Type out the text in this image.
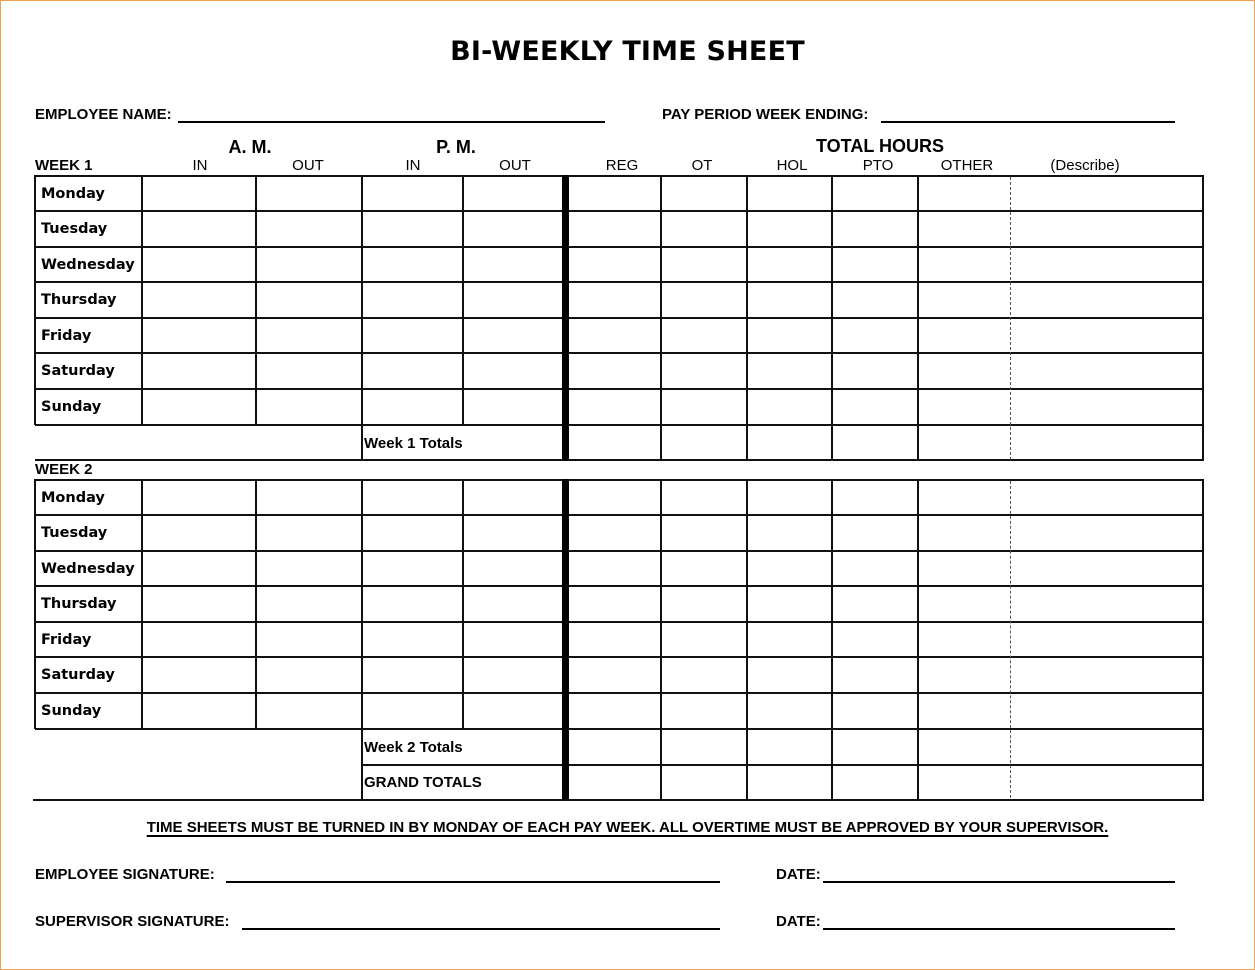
BI-WEEKLY TIME SHEET
EMPLOYEE NAME:	PAY PERIOD WEEK ENDING:
A. M.	P. M.	TOTAL HOURS
WEEK 1	IN	OUT	IN	OUT	REG	OT	HOL	PTO	OTHER	(Describe)
Monday
Tuesday
Wednesday
Thursday
Friday
Saturday
Sunday
Week 1 Totals
WEEK 2
Monday
Tuesday
Wednesday
Thursday
Friday
Saturday
Sunday
Week 2 Totals
GRAND TOTALS
TIME SHEETS MUST BE TURNED IN BY MONDAY OF EACH PAY WEEK. ALL OVERTIME MUST BE APPROVED BY YOUR SUPERVISOR.
EMPLOYEE SIGNATURE:	DATE:
SUPERVISOR SIGNATURE:	DATE:
